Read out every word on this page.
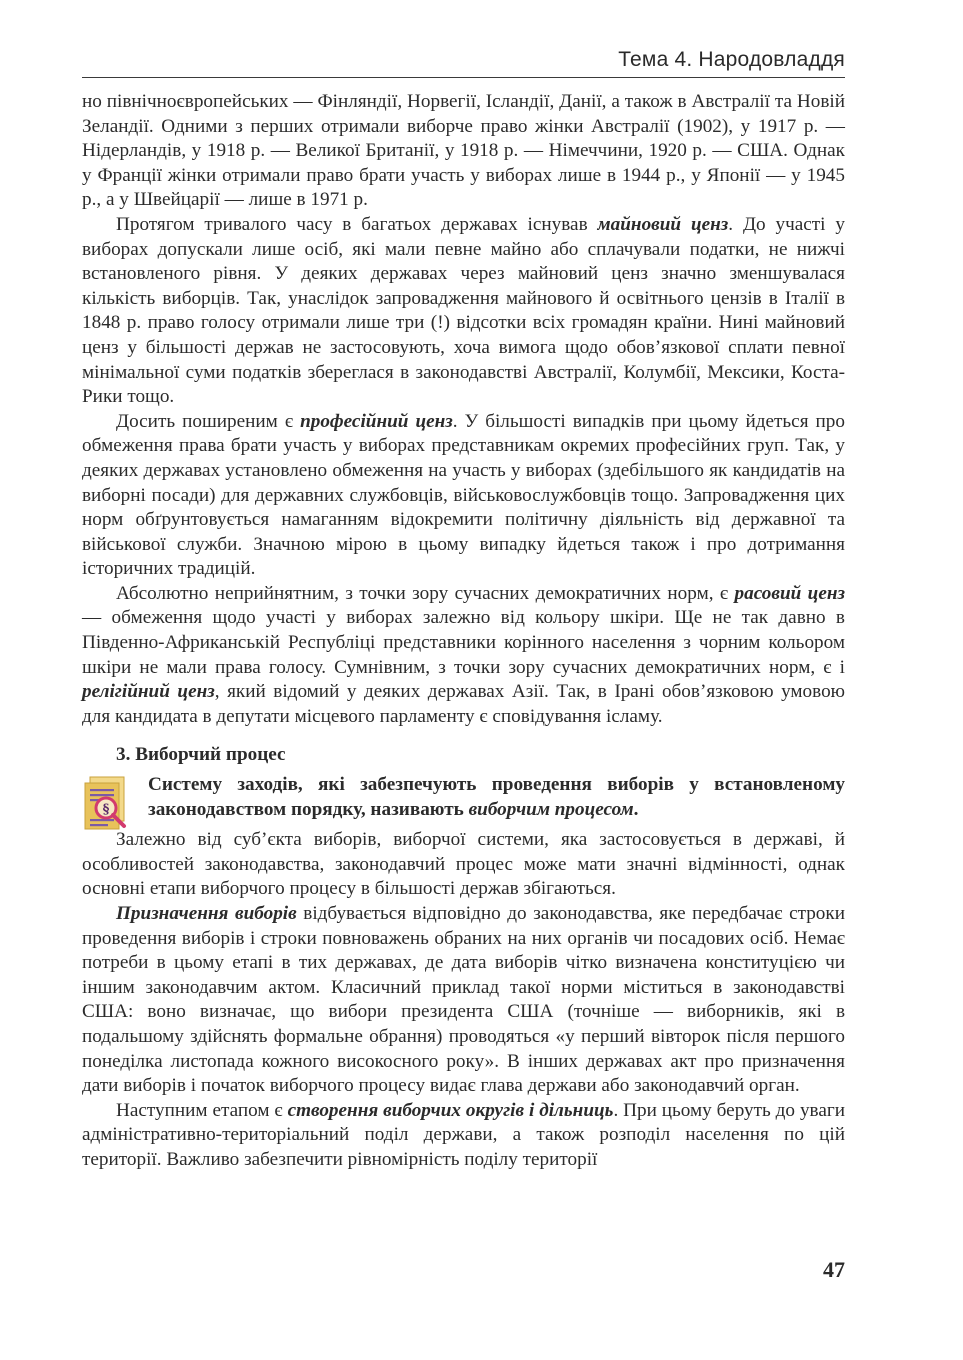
Тема 4. Народовладдя

но північноєвропейських — Фінляндії, Норвегії, Ісландії, Данії, а також в Австралії та Новій Зеландії. Одними з перших отримали виборче право жінки Австралії (1902), у 1917 р. — Нідерландів, у 1918 р. — Великої Британії, у 1918 р. — Німеччини, 1920 р. — США. Однак у Франції жінки отримали право брати участь у виборах лише в 1944 р., у Японії — у 1945 р., а у Швейцарії — лише в 1971 р.

Протягом тривалого часу в багатьох державах існував майновий ценз. До участі у виборах допускали лише осіб, які мали певне майно або сплачували податки, не нижчі встановленого рівня. У деяких державах через майновий ценз значно зменшувалася кількість виборців. Так, унаслідок запровадження майнового й освітнього цензів в Італії в 1848 р. право голосу отримали лише три (!) відсотки всіх громадян країни. Нині майновий ценз у більшості держав не застосовують, хоча вимога щодо обов’язкової сплати певної мінімальної суми податків збереглася в законодавстві Австралії, Колумбії, Мексики, Коста-Рики тощо.

Досить поширеним є професійний ценз. У більшості випадків при цьому йдеться про обмеження права брати участь у виборах представникам окремих професійних груп. Так, у деяких державах установлено обмеження на участь у виборах (здебільшого як кандидатів на виборні посади) для державних службовців, військовослужбовців тощо. Запровадження цих норм обґрунтовується намаганням відокремити політичну діяльність від державної та військової служби. Значною мірою в цьому випадку йдеться також і про дотримання історичних традицій.

Абсолютно неприйнятним, з точки зору сучасних демократичних норм, є расовий ценз — обмеження щодо участі у виборах залежно від кольору шкіри. Ще не так давно в Південно-Африканській Республіці представники корінного населення з чорним кольором шкіри не мали права голосу. Сумнівним, з точки зору сучасних демократичних норм, є і релігійний ценз, який відомий у деяких державах Азії. Так, в Ірані обов’язковою умовою для кандидата в депутати місцевого парламенту є сповідування ісламу.

3. Виборчий процес

§

Систему заходів, які забезпечують проведення виборів у встановленому законодавством порядку, називають виборчим процесом.

Залежно від суб’єкта виборів, виборчої системи, яка застосовується в державі, й особливостей законодавства, законодавчий процес може мати значні відмінності, однак основні етапи виборчого процесу в більшості держав збігаються.

Призначення виборів відбувається відповідно до законодавства, яке передбачає строки проведення виборів і строки повноважень обраних на них органів чи посадових осіб. Немає потреби в цьому етапі в тих державах, де дата виборів чітко визначена конституцією чи іншим законодавчим актом. Класичний приклад такої норми міститься в законодавстві США: воно визначає, що вибори президента США (точніше — виборників, які в подальшому здійснять формальне обрання) проводяться «у перший вівторок після першого понеділка листопада кожного високосного року». В інших державах акт про призначення дати виборів і початок виборчого процесу видає глава держави або законодавчий орган.

Наступним етапом є створення виборчих округів і дільниць. При цьому беруть до уваги адміністративно-територіальний поділ держави, а також розподіл населення по цій території. Важливо забезпечити рівномірність поділу території

47
